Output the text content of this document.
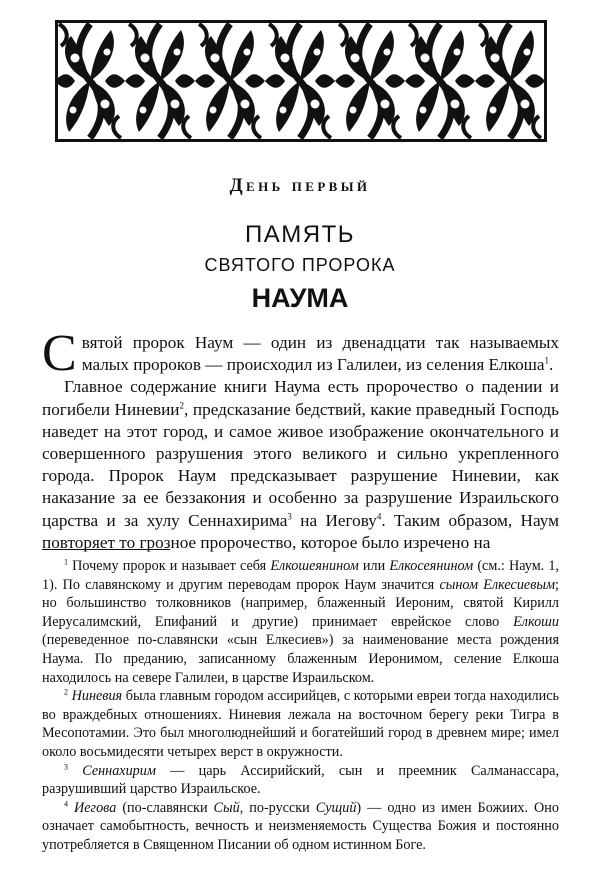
День первый
ПАМЯТЬ
СВЯТОГО ПРОРОКА
НАУМА

Святой пророк Наум — один из двенадцати так называемых малых пророков — происходил из Галилеи, из селения Елкоша$^1$.

Главное содержание книги Наума есть пророчество о падении и погибели Ниневии$^2$, предсказание бедствий, какие праведный Господь наведет на этот город, и самое живое изображение окончательного и совершенного разрушения этого великого и сильно укрепленного города. Пророк Наум предсказывает разрушение Ниневии, как наказание за ее беззакония и особенно за разрушение Израильского царства и за хулу Сеннахирима$^3$ на Иегову$^4$. Таким образом, Наум повторяет то грозное пророчество, которое было изречено на

$^1$ Почему пророк и называет себя Елкошеянином или Елкосеянином (см.: Наум. 1, 1). По славянскому и другим переводам пророк Наум значится сыном Елкесиевым; но большинство толковников (например, блаженный Иероним, святой Кирилл Иерусалимский, Епифаний и другие) принимает еврейское слово Елкоши (переведенное по-славянски «сын Елкесиев») за наименование места рождения Наума. По преданию, записанному блаженным Иеронимом, селение Елкоша находилось на севере Галилеи, в царстве Израильском.

$^2$ Ниневия была главным городом ассирийцев, с которыми евреи тогда находились во враждебных отношениях. Ниневия лежала на восточном берегу реки Тигра в Месопотамии. Это был многолюднейший и богатейший город в древнем мире; имел около восьмидесяти четырех верст в окружности.

$^3$ Сеннахирим — царь Ассирийский, сын и преемник Салманассара, разрушивший царство Израильское.

$^4$ Иегова (по-славянски Сый, по-русски Сущий) — одно из имен Божиих. Оно означает самобытность, вечность и неизменяемость Существа Божия и постоянно употребляется в Священном Писании об одном истинном Боге.
